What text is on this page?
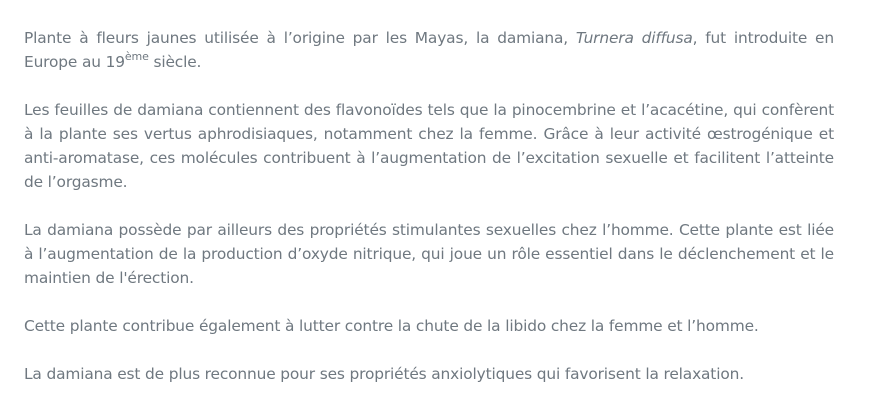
Plante à fleurs jaunes utilisée à l’origine par les Mayas, la damiana, Turnera diffusa, fut introduite en Europe au 19ème siècle.

Les feuilles de damiana contiennent des flavonoïdes tels que la pinocembrine et l’acacétine, qui confèrent à la plante ses vertus aphrodisiaques, notamment chez la femme. Grâce à leur activité œstrogénique et anti-aromatase, ces molécules contribuent à l’augmentation de l’excitation sexuelle et facilitent l’atteinte de l’orgasme.

La damiana possède par ailleurs des propriétés stimulantes sexuelles chez l’homme. Cette plante est liée à l’augmentation de la production d’oxyde nitrique, qui joue un rôle essentiel dans le déclenchement et le maintien de l'érection.

Cette plante contribue également à lutter contre la chute de la libido chez la femme et l’homme.

La damiana est de plus reconnue pour ses propriétés anxiolytiques qui favorisent la relaxation.
